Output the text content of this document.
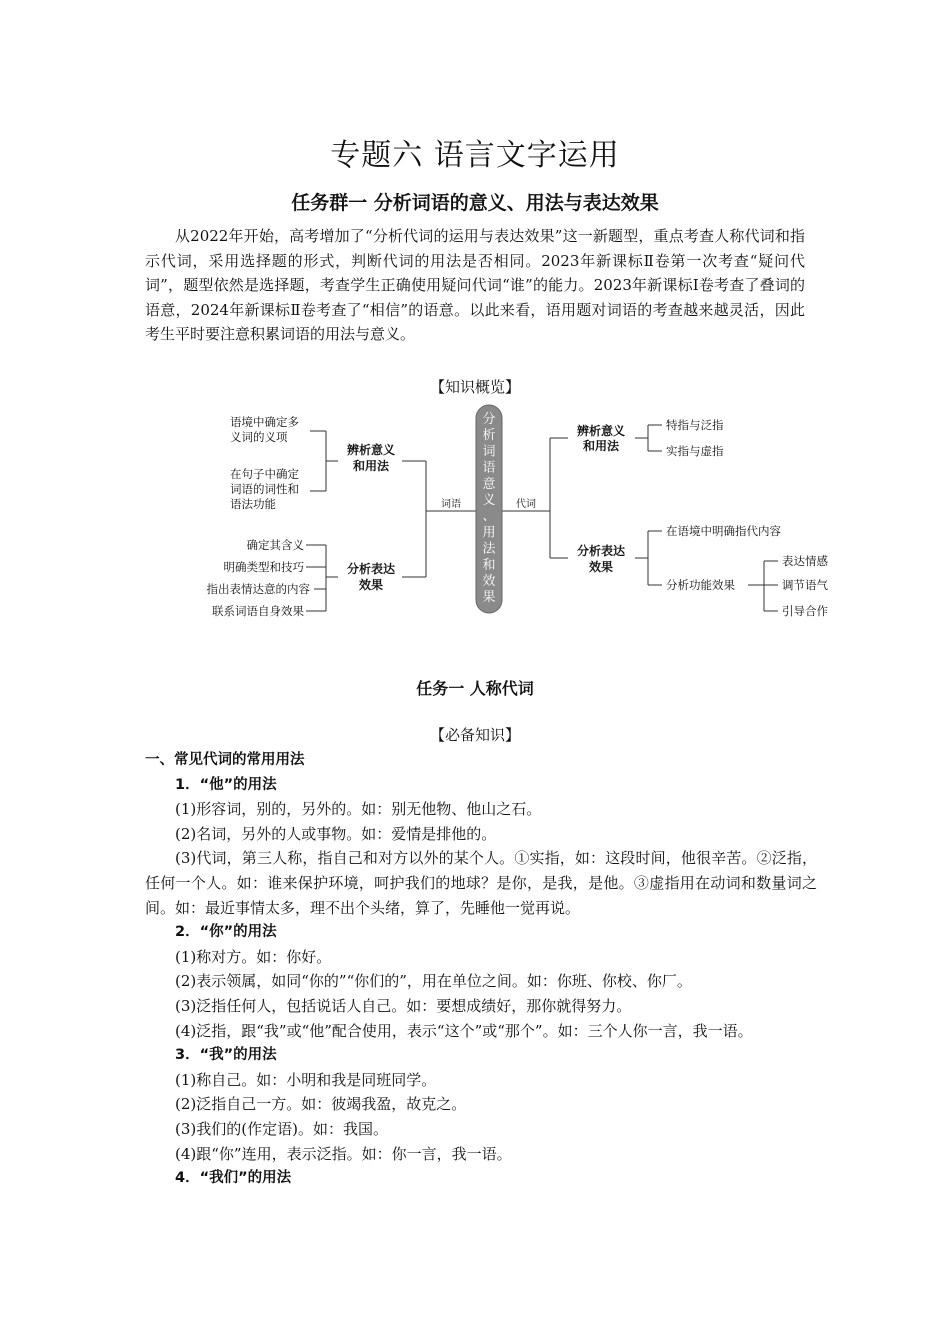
专题六 语言文字运用
任务群一 分析词语的意义、用法与表达效果

从2022年开始，高考增加了“分析代词的运用与表达效果”这一新题型，重点考查人称代词和指示代词，采用选择题的形式，判断代词的用法是否相同。2023年新课标Ⅱ卷第一次考查“疑问代词”，题型依然是选择题，考查学生正确使用疑问代词“谁”的能力。2023年新课标Ⅰ卷考查了叠词的语意，2024年新课标Ⅱ卷考查了“相信”的语意。以此来看，语用题对词语的考查越来越灵活，因此考生平时要注意积累词语的用法与意义。

【知识概览】
分
析
词
语
意
义
、
用
法
和
效
果
语境中确定多义词的义项
在句子中确定词语的词性和语法功能
辨析意义和用法
确定其含义
明确类型和技巧
指出表情达意的内容
联系词语自身效果
分析表达效果
词语	代词
辨析意义和用法
特指与泛指
实指与虚指
分析表达效果
在语境中明确指代内容
分析功能效果
表达情感
调节语气
引导合作
任务一 人称代词
【必备知识】

一、常见代词的常用用法

1．“他”的用法

(1)形容词，别的，另外的。如：别无他物、他山之石。

(2)名词，另外的人或事物。如：爱情是排他的。

(3)代词，第三人称，指自己和对方以外的某个人。①实指，如：这段时间，他很辛苦。②泛指，任何一个人。如：谁来保护环境，呵护我们的地球？是你，是我，是他。③虚指用在动词和数量词之间。如：最近事情太多，理不出个头绪，算了，先睡他一觉再说。

2．“你”的用法

(1)称对方。如：你好。

(2)表示领属，如同“你的”“你们的”，用在单位之间。如：你班、你校、你厂。

(3)泛指任何人，包括说话人自己。如：要想成绩好，那你就得努力。

(4)泛指，跟“我”或“他”配合使用，表示“这个”或“那个”。如：三个人你一言，我一语。

3．“我”的用法

(1)称自己。如：小明和我是同班同学。

(2)泛指自己一方。如：彼竭我盈，故克之。

(3)我们的(作定语)。如：我国。

(4)跟“你”连用，表示泛指。如：你一言，我一语。

4．“我们”的用法
